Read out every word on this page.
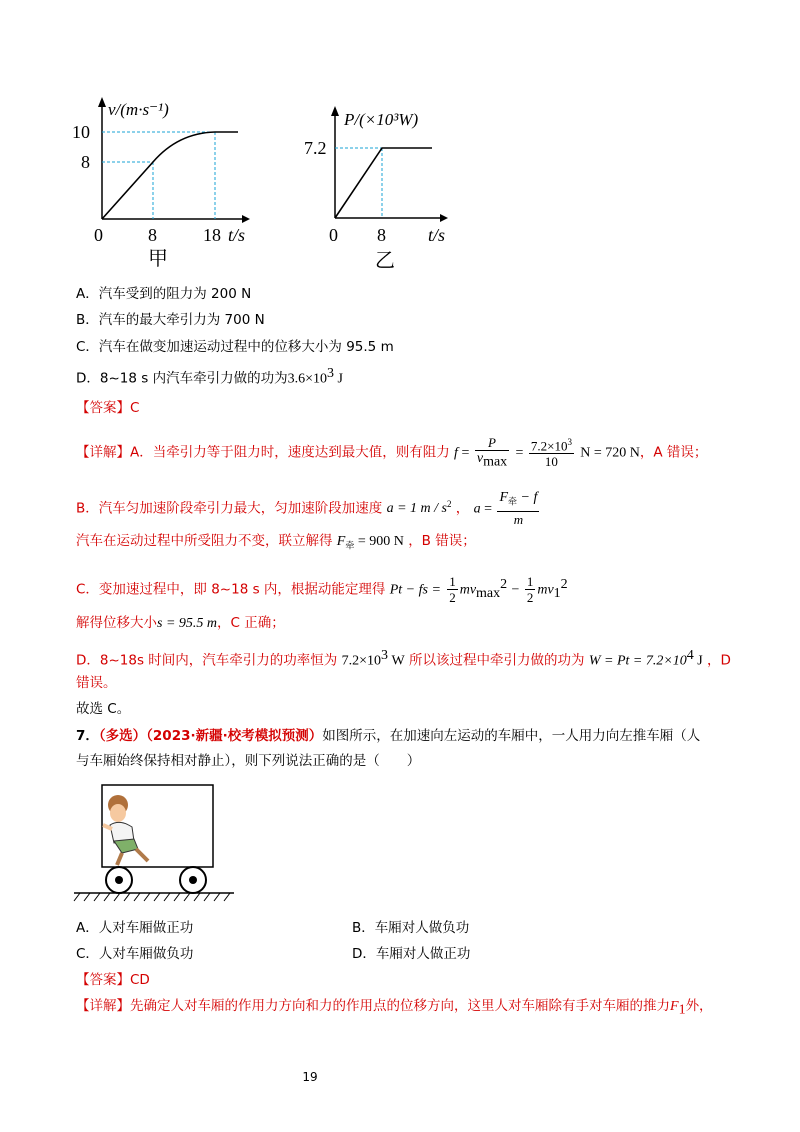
v/(m·s⁻¹)
10
8
0	8	18 t/s
甲
P/(×10³W)
7.2
0 8 t/s
乙
A．汽车受到的阻力为 200 N
B．汽车的最大牵引力为 700 N
C．汽车在做变加速运动过程中的位移大小为 95.5 m
D．8~18 s 内汽车牵引力做的功为$3.6\times 10^3$ J
【答案】C
【详解】A．当牵引力等于阻力时，速度达到最大值，则有阻力 $f = \frac{P}{v_{max}} = \frac{7.2\times 10^3}{10}$ N = 720 N，A 错误；
B．汽车匀加速阶段牵引力最大，匀加速阶段加速度 a = 1 m / $s^2$ ， $a = \frac{F_牵 - f}{m}$
汽车在运动过程中所受阻力不变，联立解得 $F_牵 = 900$ N ，B 错误；
C．变加速过程中，即 8~18 s 内，根据动能定理得 Pt − fs = $\frac{1}{2} mv_{max}^2 - \frac{1}{2} mv_1^2$
解得位移大小s = 95.5 m，C 正确；
D．8~18s 时间内，汽车牵引力的功率恒为 $7.2\times 10^3$ W 所以该过程中牵引力做的功为 $W = Pt = 7.2\times 10^4$ J ，D
错误。
故选 C。
7．（多选）（2023·新疆·校考模拟预测）如图所示，在加速向左运动的车厢中，一人用力向左推车厢（人
与车厢始终保持相对静止），则下列说法正确的是（　　）
A．人对车厢做正功	B．车厢对人做负功
C．人对车厢做负功	D．车厢对人做正功
【答案】CD
【详解】先确定人对车厢的作用力方向和力的作用点的位移方向，这里人对车厢除有手对车厢的推力$F_1$外，
19
